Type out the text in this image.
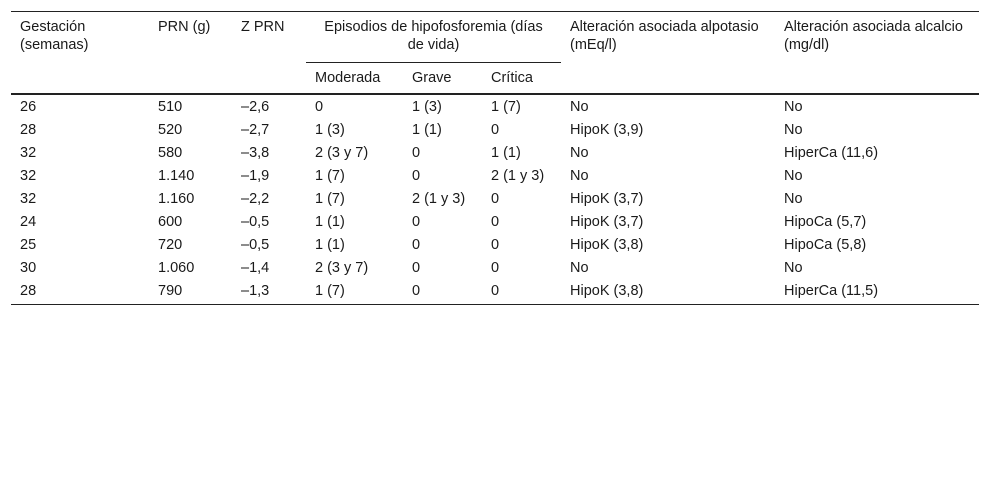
Gestación (semanas)	PRN (g)	Z PRN	Episodios de hipofosforemia (días de vida)			Alteración asociada alpotasio (mEq/l)	Alteración asociada alcalcio (mg/dl)
			Moderada	Grave	Crítica		
26	510	–2,6	0	1 (3)	1 (7)	No	No
28	520	–2,7	1 (3)	1 (1)	0	HipoK (3,9)	No
32	580	–3,8	2 (3 y 7)	0	1 (1)	No	HiperCa (11,6)
32	1.140	–1,9	1 (7)	0	2 (1 y 3)	No	No
32	1.160	–2,2	1 (7)	2 (1 y 3)	0	HipoK (3,7)	No
24	600	–0,5	1 (1)	0	0	HipoK (3,7)	HipoCa (5,7)
25	720	–0,5	1 (1)	0	0	HipoK (3,8)	HipoCa (5,8)
30	1.060	–1,4	2 (3 y 7)	0	0	No	No
28	790	–1,3	1 (7)	0	0	HipoK (3,8)	HiperCa (11,5)
